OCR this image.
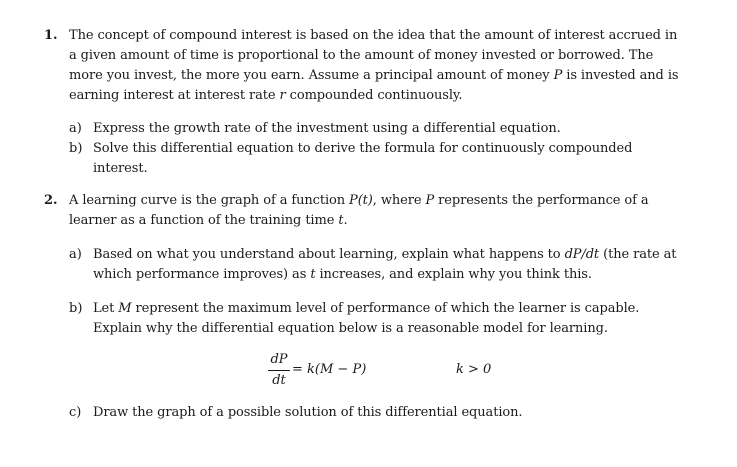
1. The concept of compound interest is based on the idea that the amount of interest accrued in a given amount of time is proportional to the amount of money invested or borrowed. The more you invest, the more you earn. Assume a principal amount of money P is invested and is earning interest at interest rate r compounded continuously.
a) Express the growth rate of the investment using a differential equation.
b) Solve this differential equation to derive the formula for continuously compounded interest.
2. A learning curve is the graph of a function P(t), where P represents the performance of a learner as a function of the training time t.
a) Based on what you understand about learning, explain what happens to dP/dt (the rate at which performance improves) as t increases, and explain why you think this.
b) Let M represent the maximum level of performance of which the learner is capable. Explain why the differential equation below is a reasonable model for learning.
c) Draw the graph of a possible solution of this differential equation.
dP
dt
= k(M − P)	k > 0
